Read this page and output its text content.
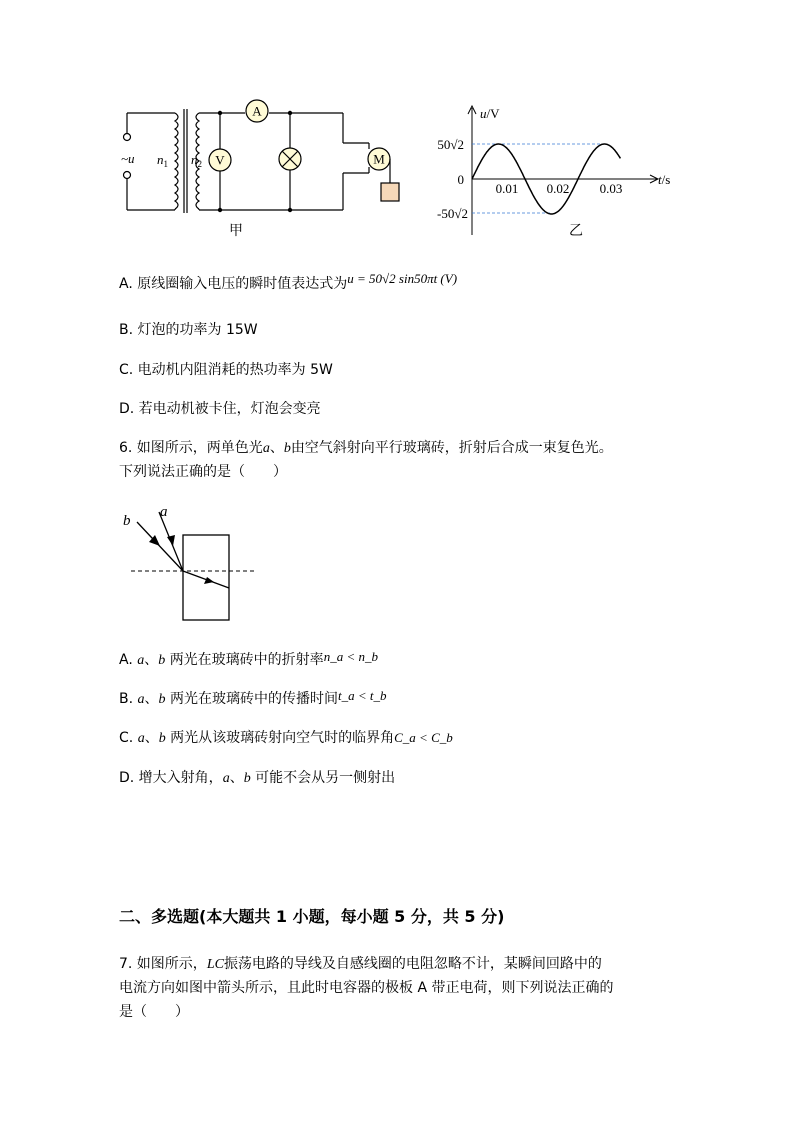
~u $n_1$ $n_2$
A
V	M
甲
u/V
t/s
50√2
0
-50√2
0.01 0.02 0.03
乙
A. 原线圈输入电压的瞬时值表达式为u = 50√2 sin50πt (V)
B. 灯泡的功率为 15W
C. 电动机内阻消耗的热功率为 5W
D. 若电动机被卡住，灯泡会变亮
6. 如图所示，两单色光a、b由空气斜射向平行玻璃砖，折射后合成一束复色光。
下列说法正确的是（　　）
b
a
A. a、b 两光在玻璃砖中的折射率n_a < n_b
B. a、b 两光在玻璃砖中的传播时间t_a < t_b
C. a、b 两光从该玻璃砖射向空气时的临界角C_a < C_b
D. 增大入射角，a、b 可能不会从另一侧射出
二、多选题(本大题共 1 小题，每小题 5 分，共 5 分)
7. 如图所示，LC振荡电路的导线及自感线圈的电阻忽略不计，某瞬间回路中的
电流方向如图中箭头所示，且此时电容器的极板 A 带正电荷，则下列说法正确的
是（　　）
